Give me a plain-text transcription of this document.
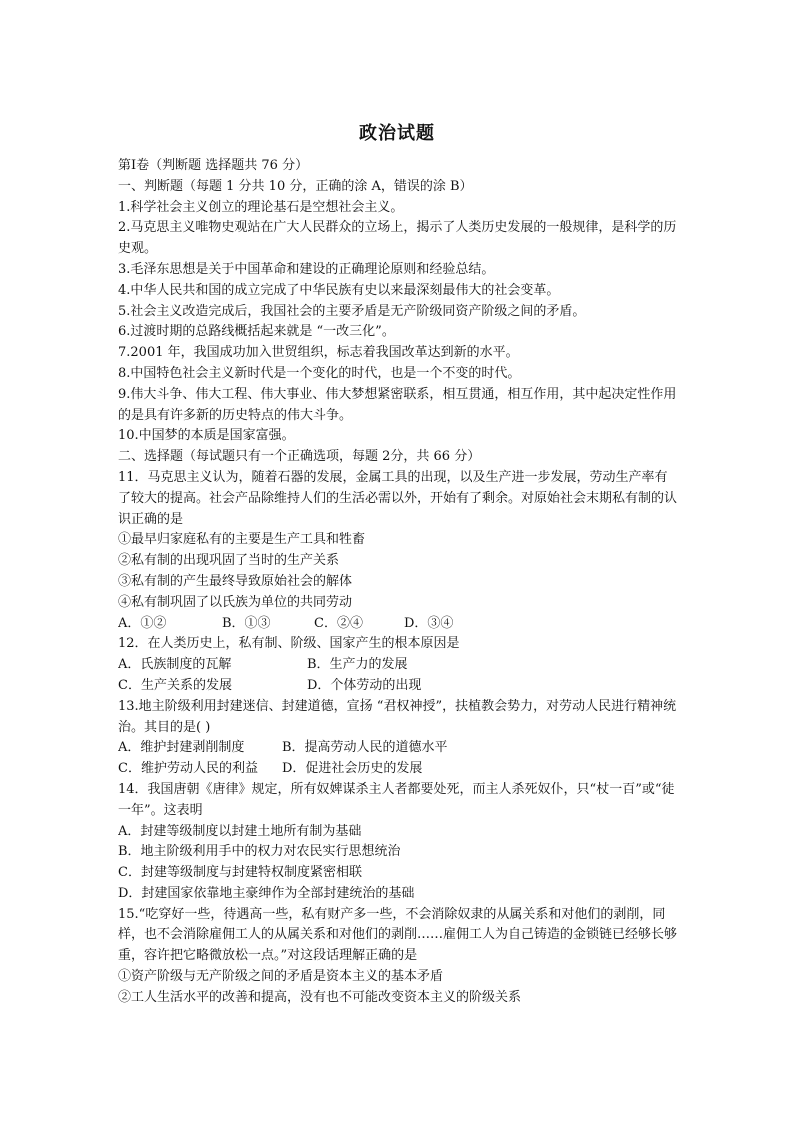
政治试题
第Ⅰ卷（判断题 选择题共 76 分）
一、判断题（每题 1 分共 10 分，正确的涂 A，错误的涂 B）
1.科学社会主义创立的理论基石是空想社会主义。
2.马克思主义唯物史观站在广大人民群众的立场上，揭示了人类历史发展的一般规律，是科学的历史观。
3.毛泽东思想是关于中国革命和建设的正确理论原则和经验总结。
4.中华人民共和国的成立完成了中华民族有史以来最深刻最伟大的社会变革。
5.社会主义改造完成后，我国社会的主要矛盾是无产阶级同资产阶级之间的矛盾。
6.过渡时期的总路线概括起来就是 “一改三化”。
7.2001 年，我国成功加入世贸组织，标志着我国改革达到新的水平。
8.中国特色社会主义新时代是一个变化的时代，也是一个不变的时代。
9.伟大斗争、伟大工程、伟大事业、伟大梦想紧密联系，相互贯通，相互作用，其中起决定性作用的是具有许多新的历史特点的伟大斗争。
10.中国梦的本质是国家富强。
二、选择题（每试题只有一个正确选项，每题 2分，共 66 分）
11．马克思主义认为，随着石器的发展，金属工具的出现，以及生产进一步发展，劳动生产率有了较大的提高。社会产品除维持人们的生活必需以外，开始有了剩余。对原始社会末期私有制的认识正确的是
①最早归家庭私有的主要是生产工具和牲畜
②私有制的出现巩固了当时的生产关系
③私有制的产生最终导致原始社会的解体
④私有制巩固了以氏族为单位的共同劳动
A．①②	B．①③	C．②④	D．③④
12．在人类历史上，私有制、阶级、国家产生的根本原因是
A．氏族制度的瓦解	B．生产力的发展
C．生产关系的发展	D．个体劳动的出现
13.地主阶级利用封建迷信、封建道德，宣扬 “君权神授”，扶植教会势力，对劳动人民进行精神统治。其目的是( )
A．维护封建剥削制度	B．提高劳动人民的道德水平
C．维护劳动人民的利益	D．促进社会历史的发展
14．我国唐朝《唐律》规定，所有奴婢谋杀主人者都要处死，而主人杀死奴仆，只“杖一百”或“徒一年”。这表明
A．封建等级制度以封建土地所有制为基础
B．地主阶级利用手中的权力对农民实行思想统治
C．封建等级制度与封建特权制度紧密相联
D．封建国家依靠地主豪绅作为全部封建统治的基础
15.“吃穿好一些，待遇高一些，私有财产多一些，不会消除奴隶的从属关系和对他们的剥削，同样，也不会消除雇佣工人的从属关系和对他们的剥削……雇佣工人为自己铸造的金锁链已经够长够重，容许把它略微放松一点。”对这段话理解正确的是
①资产阶级与无产阶级之间的矛盾是资本主义的基本矛盾
②工人生活水平的改善和提高，没有也不可能改变资本主义的阶级关系
